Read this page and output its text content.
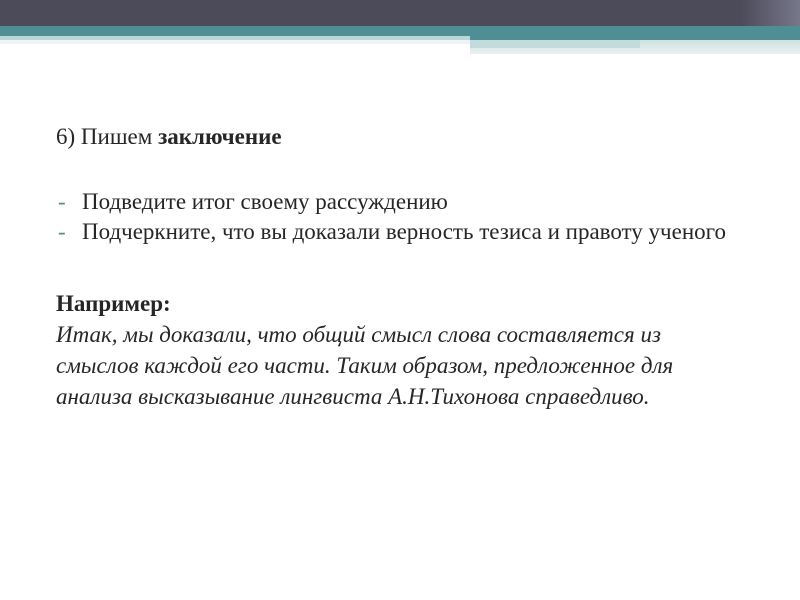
6) Пишем заключение

- Подведите итог своему рассуждению
- Подчеркните, что вы доказали верность тезиса и правоту ученого

Например:

Итак, мы доказали, что общий смысл слова составляется из смыслов каждой его части. Таким образом, предложенное для анализа высказывание лингвиста А.Н.Тихонова справедливо.
